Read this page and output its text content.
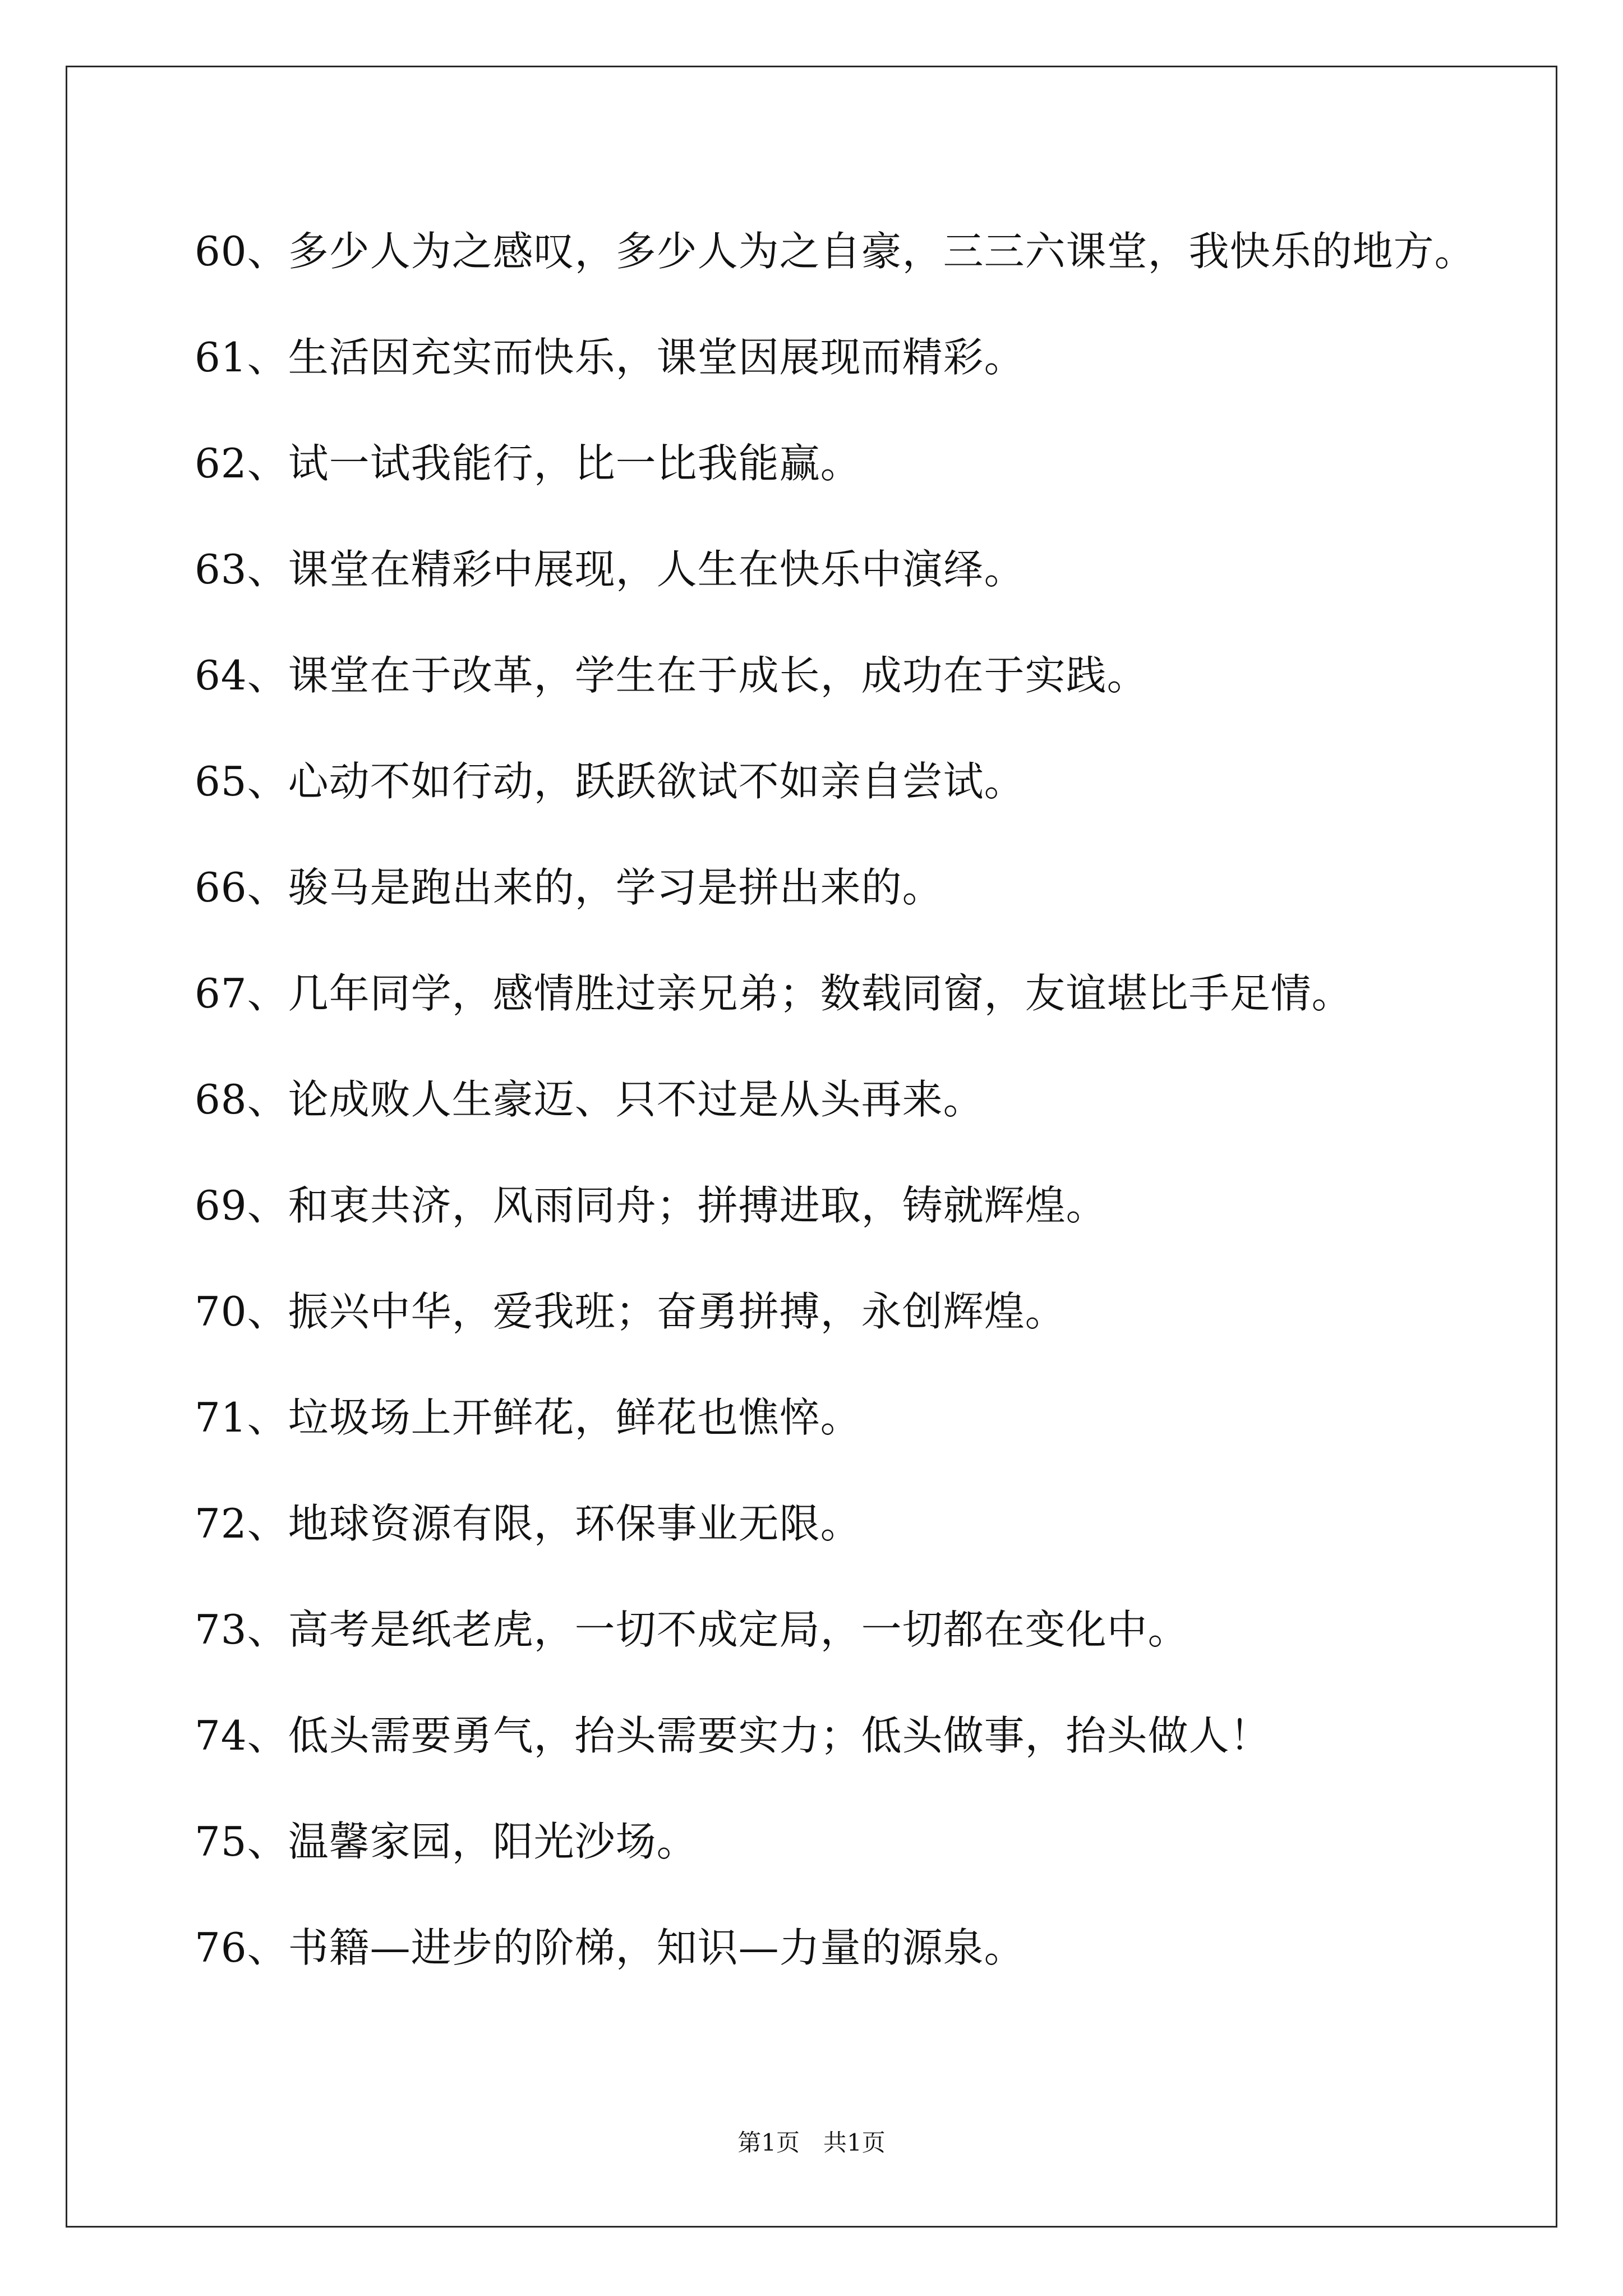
60、多少人为之感叹，多少人为之自豪，三三六课堂，我快乐的地方。
61、生活因充实而快乐，课堂因展现而精彩。
62、试一试我能行，比一比我能赢。
63、课堂在精彩中展现，人生在快乐中演绎。
64、课堂在于改革，学生在于成长，成功在于实践。
65、心动不如行动，跃跃欲试不如亲自尝试。
66、骏马是跑出来的，学习是拼出来的。
67、几年同学，感情胜过亲兄弟；数载同窗，友谊堪比手足情。
68、论成败人生豪迈、只不过是从头再来。
69、和衷共济，风雨同舟；拼搏进取，铸就辉煌。
70、振兴中华，爱我班；奋勇拼搏，永创辉煌。
71、垃圾场上开鲜花，鲜花也憔悴。
72、地球资源有限，环保事业无限。
73、高考是纸老虎，一切不成定局，一切都在变化中。
74、低头需要勇气，抬头需要实力；低头做事，抬头做人！
75、温馨家园，阳光沙场。
76、书籍—进步的阶梯，知识—力量的源泉。
第1页　共1页
